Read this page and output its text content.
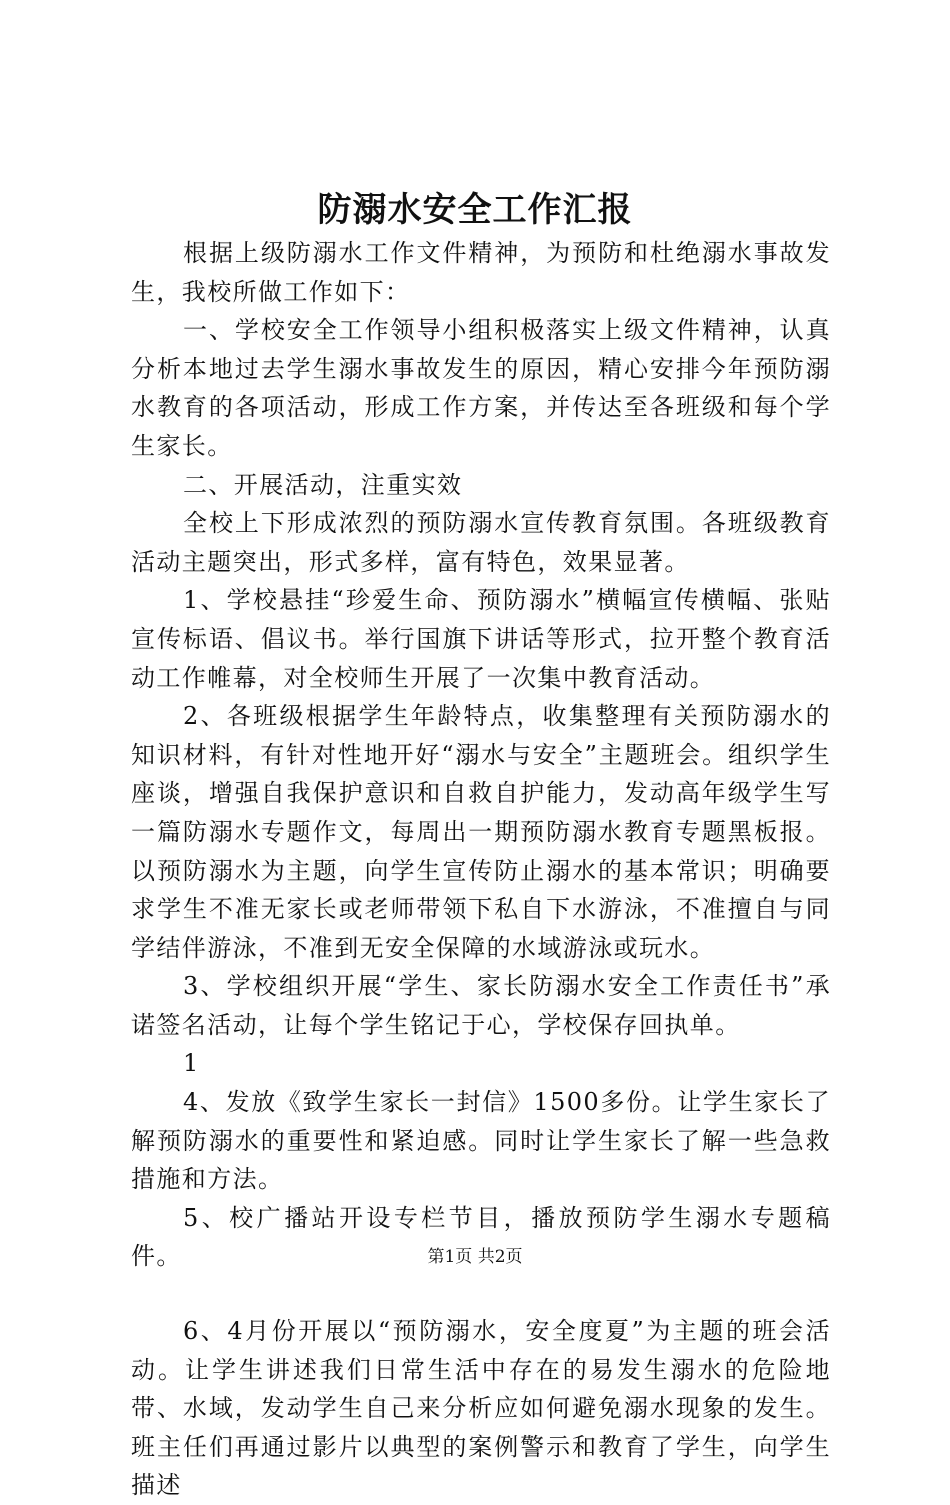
防溺水安全工作汇报

根据上级防溺水工作文件精神，为预防和杜绝溺水事故发生，我校所做工作如下：

一、学校安全工作领导小组积极落实上级文件精神，认真分析本地过去学生溺水事故发生的原因，精心安排今年预防溺水教育的各项活动，形成工作方案，并传达至各班级和每个学生家长。

二、开展活动，注重实效

全校上下形成浓烈的预防溺水宣传教育氛围。各班级教育活动主题突出，形式多样，富有特色，效果显著。

1、学校悬挂“珍爱生命、预防溺水”横幅宣传横幅、张贴宣传标语、倡议书。举行国旗下讲话等形式，拉开整个教育活动工作帷幕，对全校师生开展了一次集中教育活动。

2、各班级根据学生年龄特点，收集整理有关预防溺水的知识材料，有针对性地开好“溺水与安全”主题班会。组织学生座谈，增强自我保护意识和自救自护能力，发动高年级学生写一篇防溺水专题作文，每周出一期预防溺水教育专题黑板报。以预防溺水为主题，向学生宣传防止溺水的基本常识；明确要求学生不准无家长或老师带领下私自下水游泳，不准擅自与同学结伴游泳，不准到无安全保障的水域游泳或玩水。

3、学校组织开展“学生、家长防溺水安全工作责任书”承诺签名活动，让每个学生铭记于心，学校保存回执单。

1

4、发放《致学生家长一封信》1500多份。让学生家长了解预防溺水的重要性和紧迫感。同时让学生家长了解一些急救措施和方法。

5、校广播站开设专栏节目，播放预防学生溺水专题稿件。

6、4月份开展以“预防溺水，安全度夏”为主题的班会活动。让学生讲述我们日常生活中存在的易发生溺水的危险地带、水域，发动学生自己来分析应如何避免溺水现象的发生。班主任们再通过影片以典型的案例警示和教育了学生，向学生描述

第1页 共2页
